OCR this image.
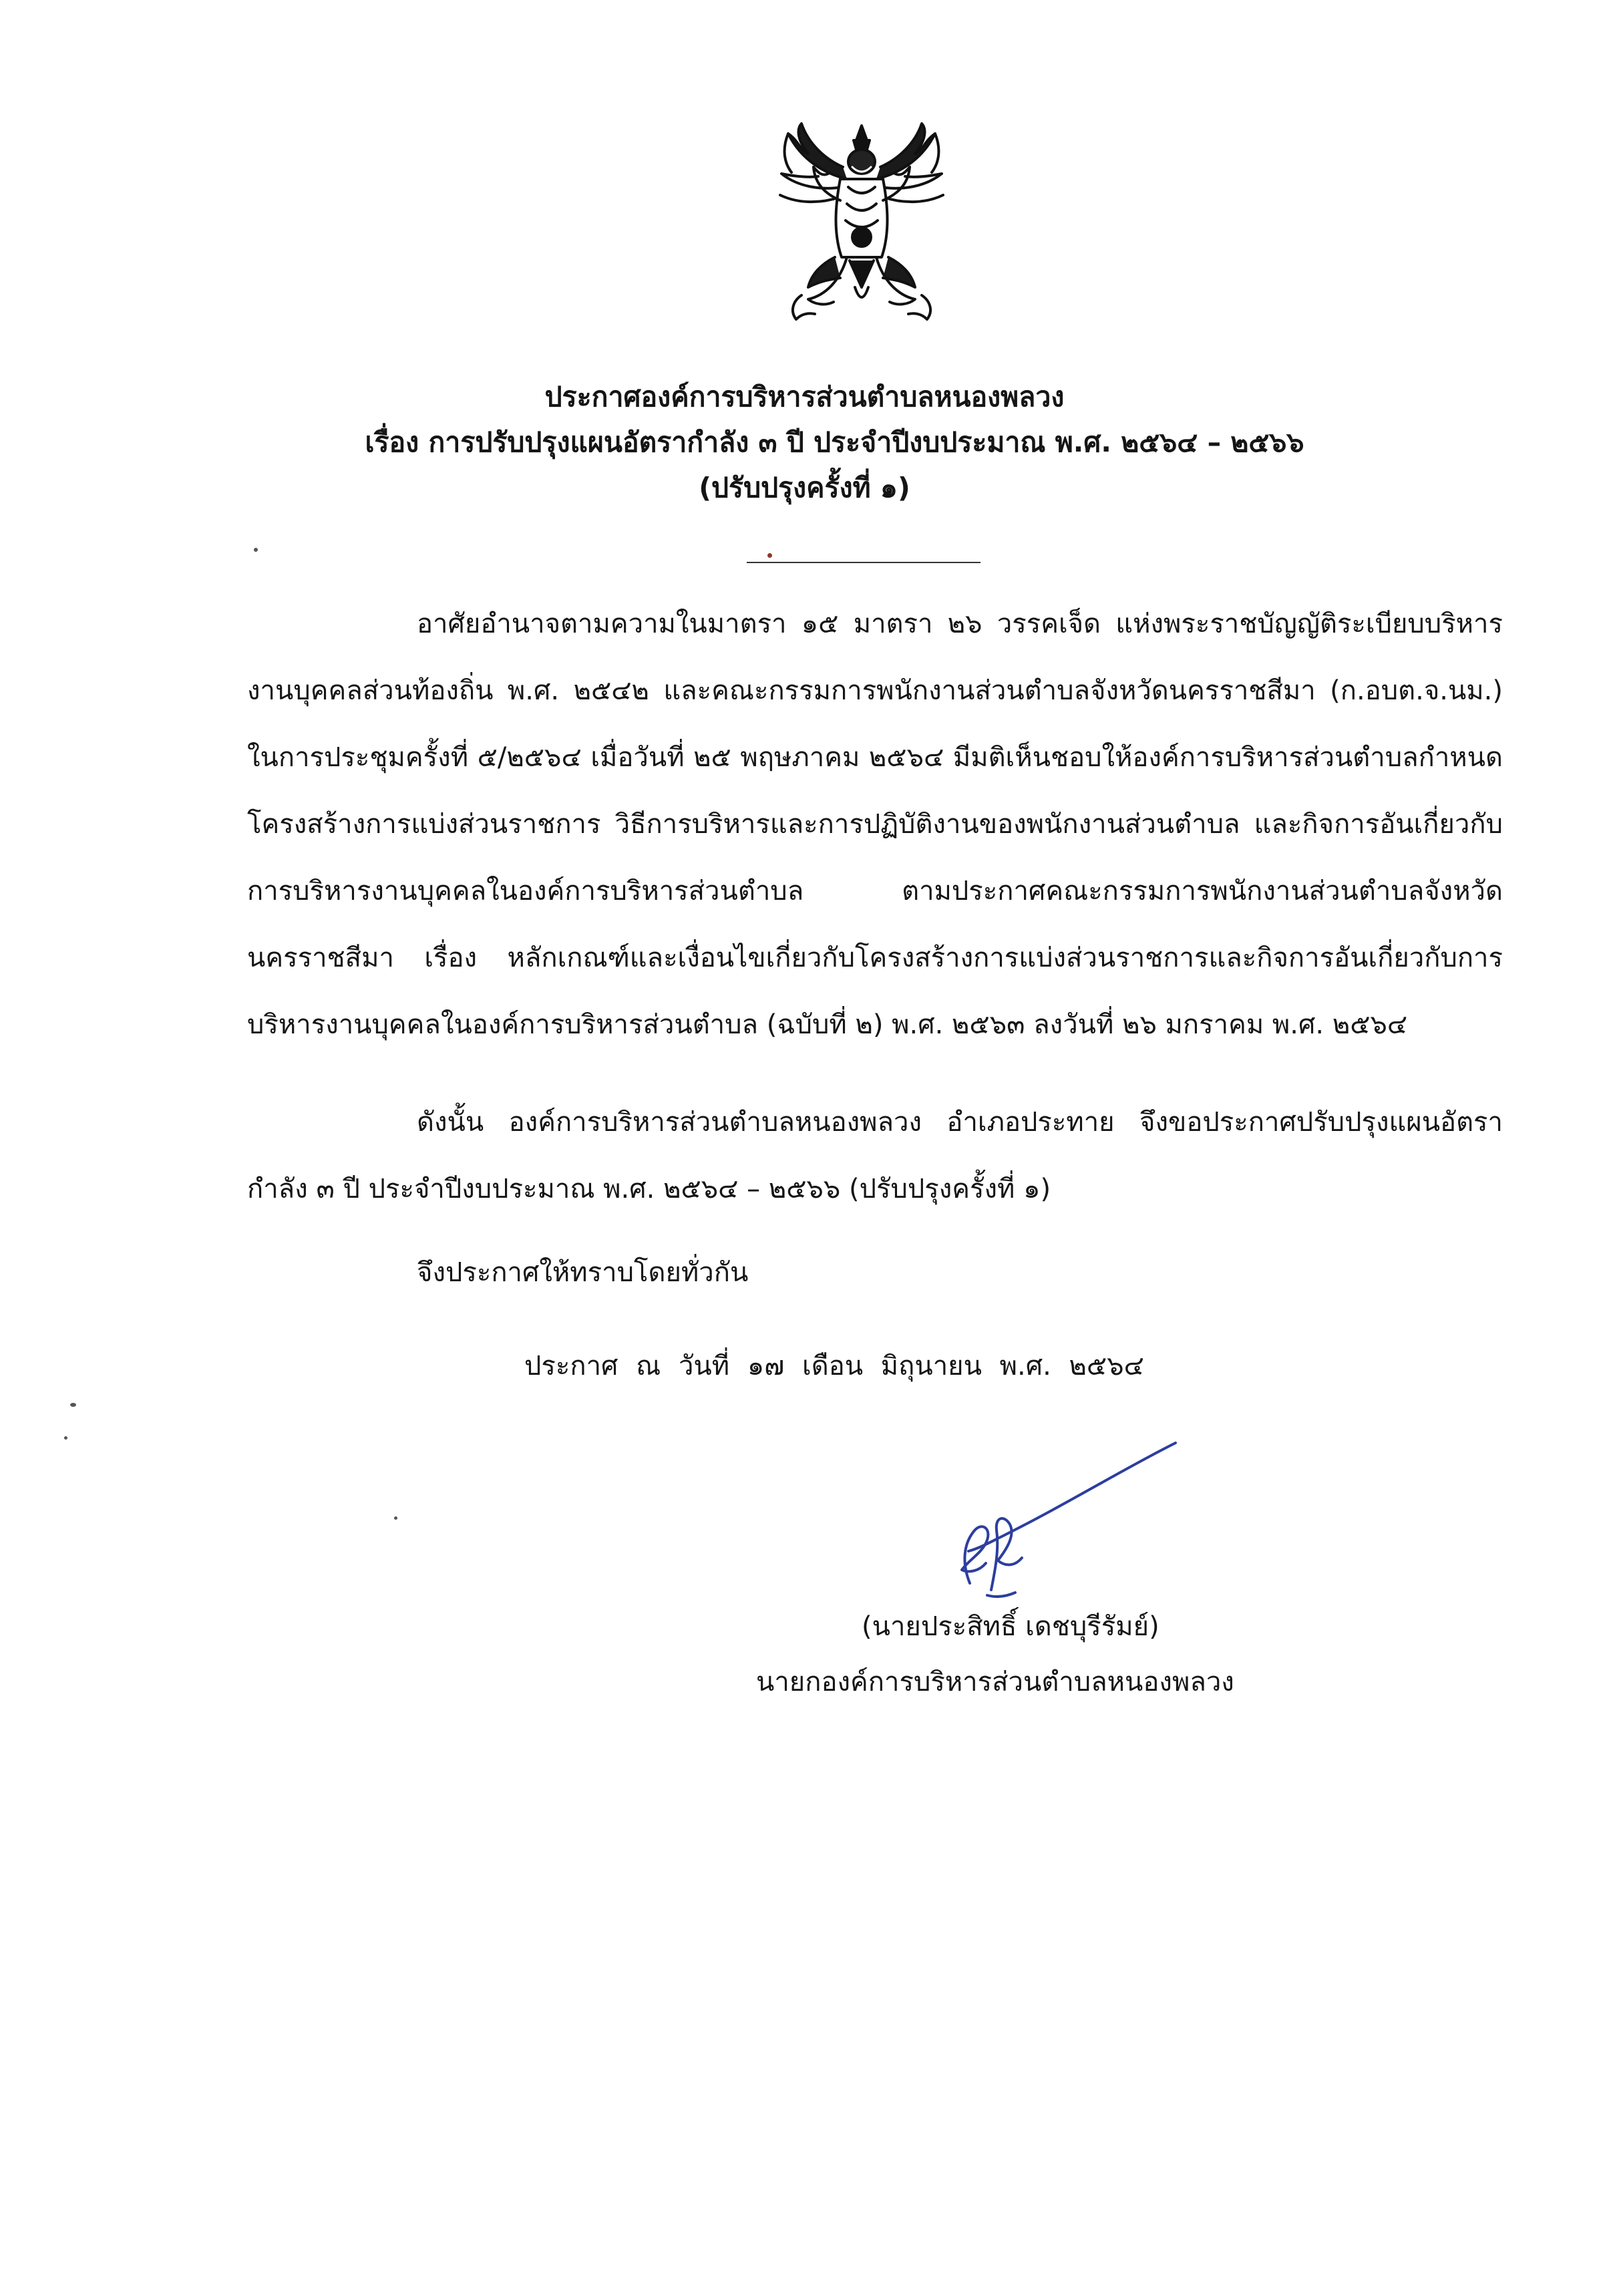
ประกาศองค์การบริหารส่วนตำบลหนองพลวง
เรื่อง การปรับปรุงแผนอัตรากำลัง ๓ ปี ประจำปีงบประมาณ พ.ศ. ๒๕๖๔ – ๒๕๖๖
(ปรับปรุงครั้งที่ ๑)

อาศัยอำนาจตามความในมาตรา ๑๕ มาตรา ๒๖ วรรคเจ็ด แห่งพระราชบัญญัติระเบียบบริหารงานบุคคลส่วนท้องถิ่น พ.ศ. ๒๕๔๒ และคณะกรรมการพนักงานส่วนตำบลจังหวัดนครราชสีมา (ก.อบต.จ.นม.) ในการประชุมครั้งที่ ๕/๒๕๖๔ เมื่อวันที่ ๒๕ พฤษภาคม ๒๕๖๔ มีมติเห็นชอบให้องค์การบริหารส่วนตำบลกำหนดโครงสร้างการแบ่งส่วนราชการ วิธีการบริหารและการปฏิบัติงานของพนักงานส่วนตำบล และกิจการอันเกี่ยวกับการบริหารงานบุคคลในองค์การบริหารส่วนตำบล ตามประกาศคณะกรรมการพนักงานส่วนตำบลจังหวัดนครราชสีมา เรื่อง หลักเกณฑ์และเงื่อนไขเกี่ยวกับโครงสร้างการแบ่งส่วนราชการและกิจการอันเกี่ยวกับการบริหารงานบุคคลในองค์การบริหารส่วนตำบล (ฉบับที่ ๒) พ.ศ. ๒๕๖๓ ลงวันที่ ๒๖ มกราคม พ.ศ. ๒๕๖๔

ดังนั้น องค์การบริหารส่วนตำบลหนองพลวง อำเภอประทาย จึงขอประกาศปรับปรุงแผนอัตรากำลัง ๓ ปี ประจำปีงบประมาณ พ.ศ. ๒๕๖๔ – ๒๕๖๖ (ปรับปรุงครั้งที่ ๑)

จึงประกาศให้ทราบโดยทั่วกัน
ประกาศ ณ วันที่ ๑๗ เดือน มิถุนายน พ.ศ. ๒๕๖๔
(นายประสิทธิ์ เดชบุรีรัมย์)
นายกองค์การบริหารส่วนตำบลหนองพลวง
